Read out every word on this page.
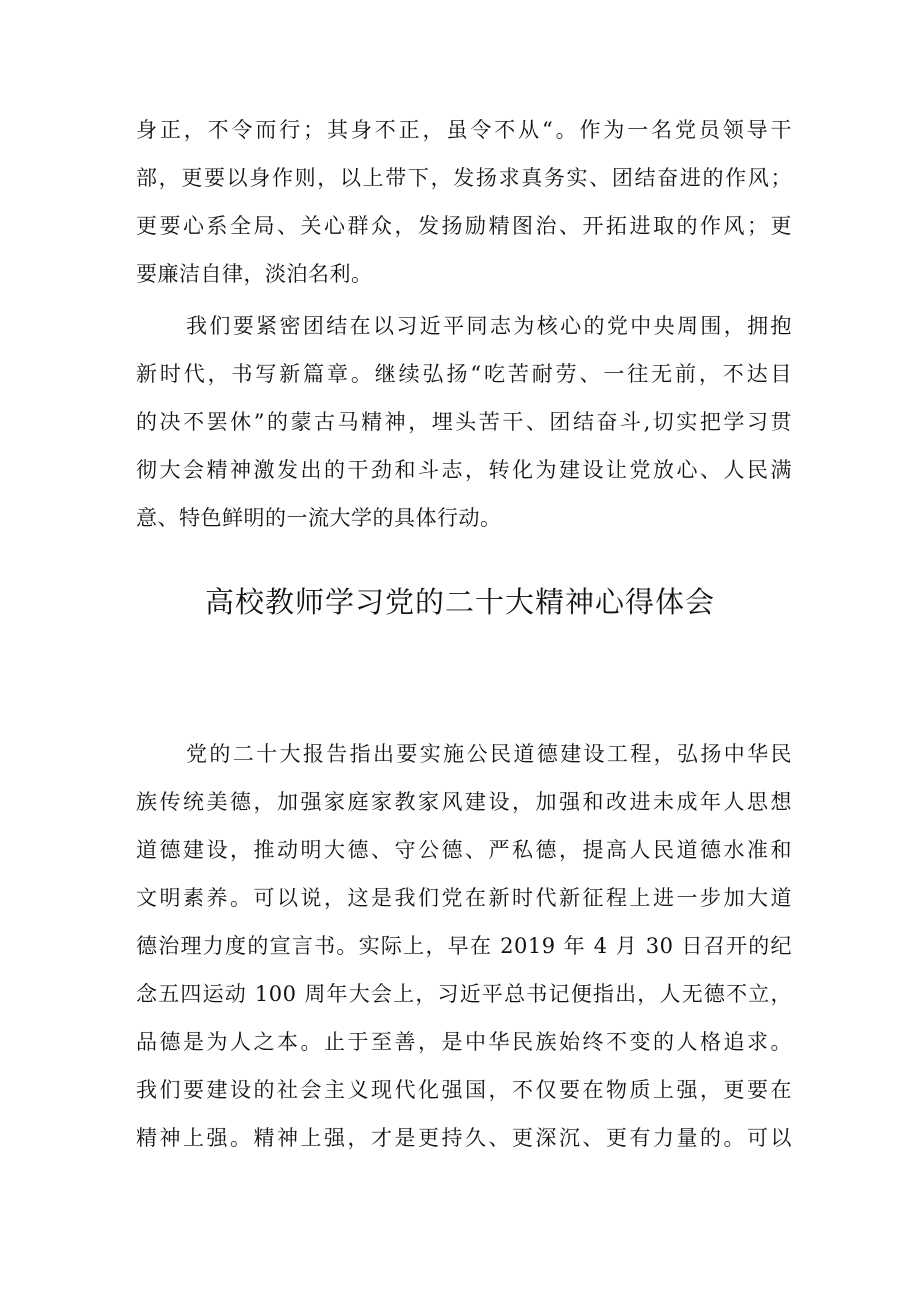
身正，不令而行；其身不正，虽令不从“。作为一名党员领导干
部，更要以身作则，以上带下，发扬求真务实、团结奋进的作风；
更要心系全局、关心群众，发扬励精图治、开拓进取的作风；更
要廉洁自律，淡泊名利。
我们要紧密团结在以习近平同志为核心的党中央周围，拥抱
新时代，书写新篇章。继续弘扬“吃苦耐劳、一往无前，不达目
的决不罢休”的蒙古马精神，埋头苦干、团结奋斗,切实把学习贯
彻大会精神激发出的干劲和斗志，转化为建设让党放心、人民满
意、特色鲜明的一流大学的具体行动。
高校教师学习党的二十大精神心得体会
党的二十大报告指出要实施公民道德建设工程，弘扬中华民
族传统美德，加强家庭家教家风建设，加强和改进未成年人思想
道德建设，推动明大德、守公德、严私德，提高人民道德水准和
文明素养。可以说，这是我们党在新时代新征程上进一步加大道
德治理力度的宣言书。实际上，早在 2019 年 4 月 30 日召开的纪
念五四运动 100 周年大会上，习近平总书记便指出，人无德不立，
品德是为人之本。止于至善，是中华民族始终不变的人格追求。
我们要建设的社会主义现代化强国，不仅要在物质上强，更要在
精神上强。精神上强，才是更持久、更深沉、更有力量的。可以
